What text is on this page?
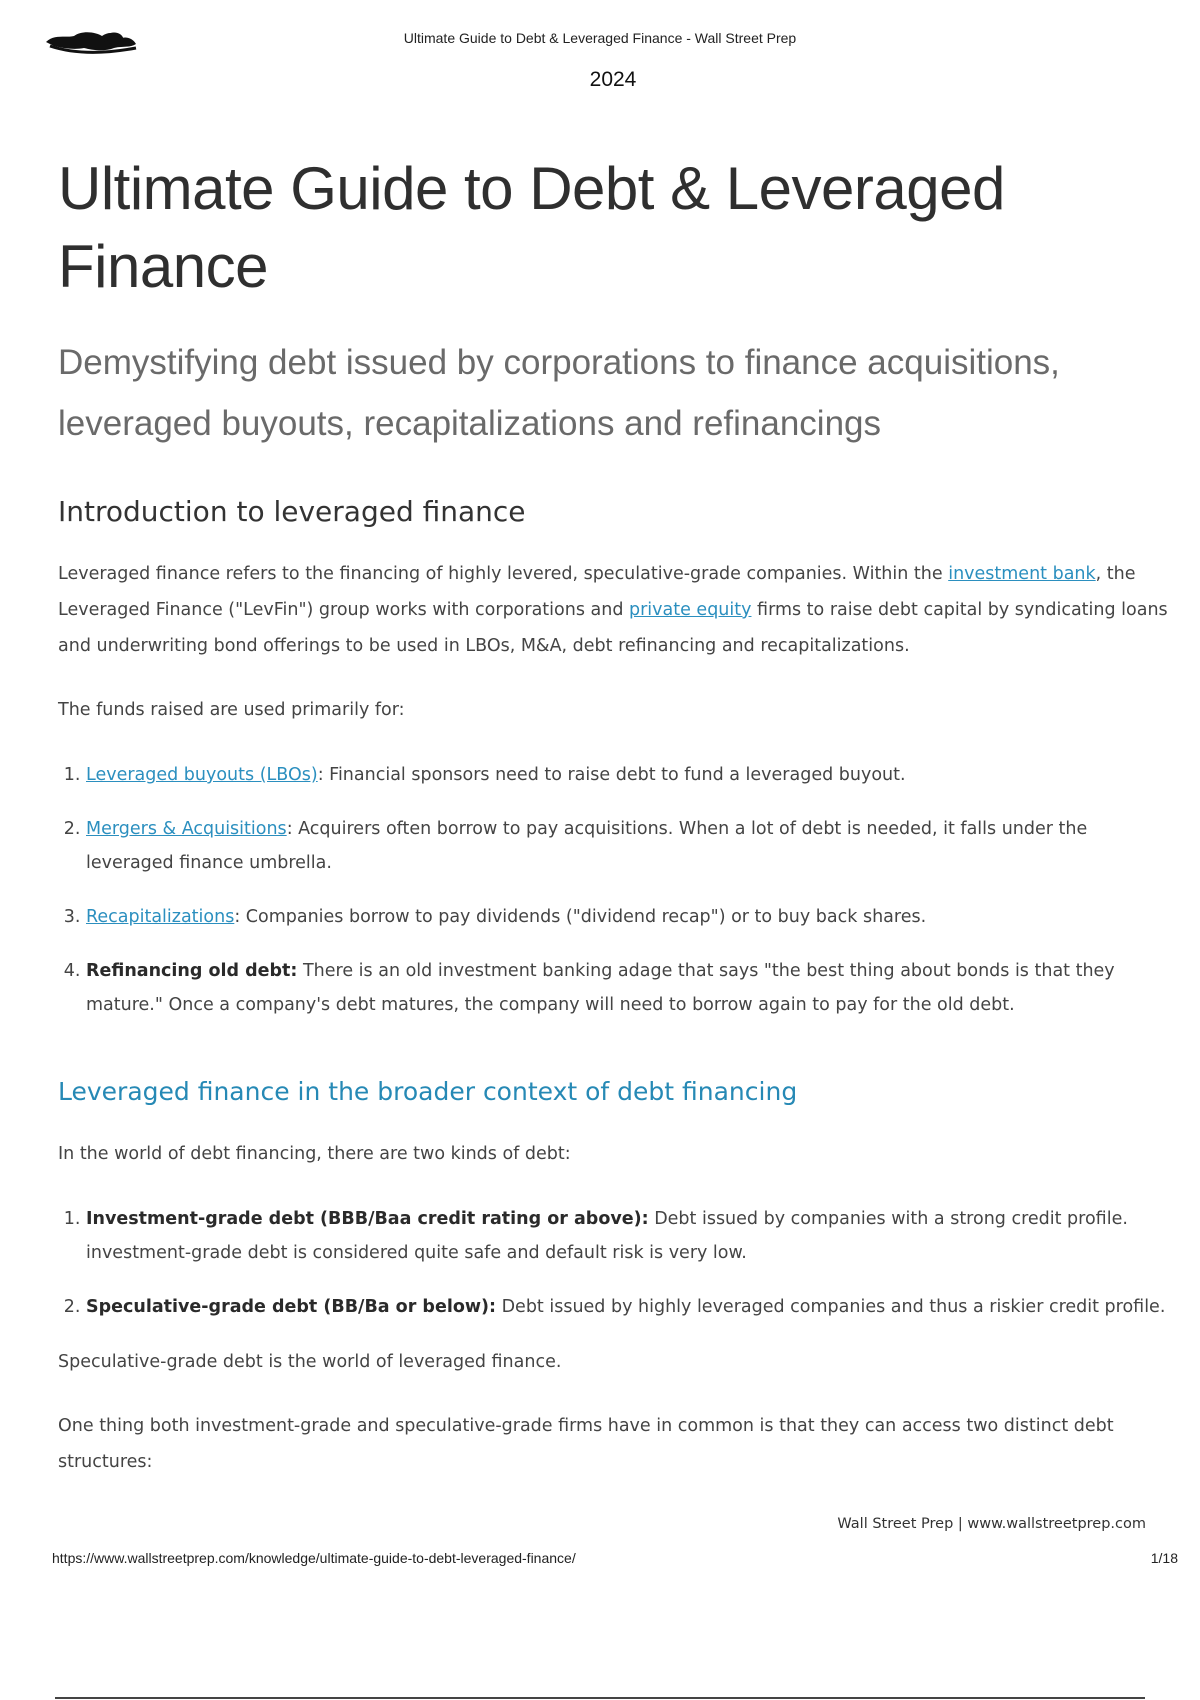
Ultimate Guide to Debt & Leveraged Finance - Wall Street Prep
2024
Ultimate Guide to Debt & Leveraged Finance
Demystifying debt issued by corporations to finance acquisitions, leveraged buyouts, recapitalizations and refinancings
Introduction to leveraged finance

Leveraged finance refers to the financing of highly levered, speculative-grade companies. Within the investment bank, the Leveraged Finance ("LevFin") group works with corporations and private equity firms to raise debt capital by syndicating loans and underwriting bond offerings to be used in LBOs, M&A, debt refinancing and recapitalizations.

The funds raised are used primarily for:

1. Leveraged buyouts (LBOs): Financial sponsors need to raise debt to fund a leveraged buyout.
2. Mergers & Acquisitions: Acquirers often borrow to pay acquisitions. When a lot of debt is needed, it falls under the leveraged finance umbrella.
3. Recapitalizations: Companies borrow to pay dividends ("dividend recap") or to buy back shares.
4. Refinancing old debt: There is an old investment banking adage that says "the best thing about bonds is that they mature." Once a company's debt matures, the company will need to borrow again to pay for the old debt.
Leveraged finance in the broader context of debt financing

In the world of debt financing, there are two kinds of debt:

1. Investment-grade debt (BBB/Baa credit rating or above): Debt issued by companies with a strong credit profile. investment-grade debt is considered quite safe and default risk is very low.
2. Speculative-grade debt (BB/Ba or below): Debt issued by highly leveraged companies and thus a riskier credit profile.

Speculative-grade debt is the world of leveraged finance.

One thing both investment-grade and speculative-grade firms have in common is that they can access two distinct debt structures:

Wall Street Prep | www.wallstreetprep.com
https://www.wallstreetprep.com/knowledge/ultimate-guide-to-debt-leveraged-finance/	1/18
